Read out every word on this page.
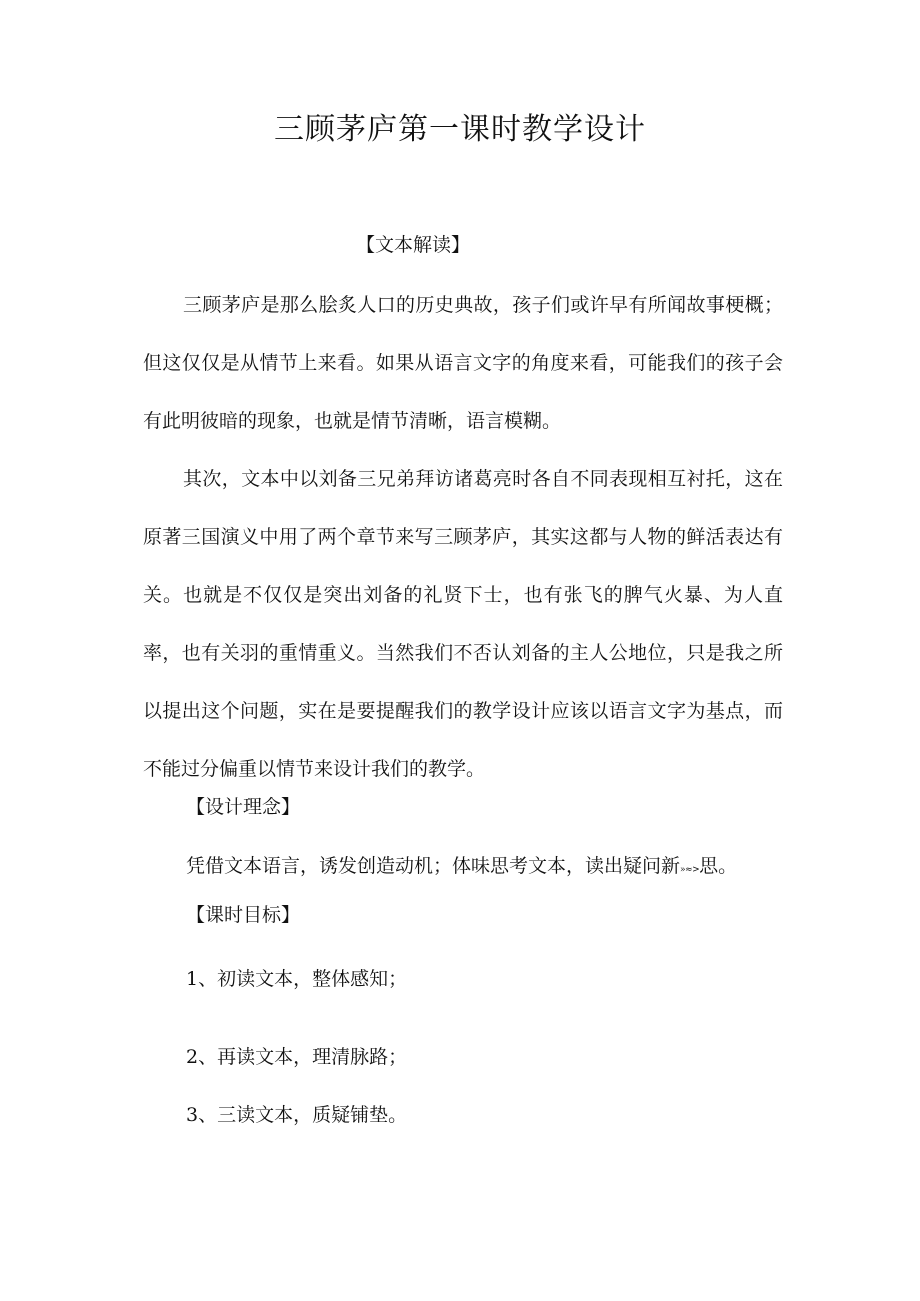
三顾茅庐第一课时教学设计
【文本解读】

三顾茅庐是那么脍炙人口的历史典故，孩子们或许早有所闻故事梗概；但这仅仅是从情节上来看。如果从语言文字的角度来看，可能我们的孩子会有此明彼暗的现象，也就是情节清晰，语言模糊。

其次，文本中以刘备三兄弟拜访诸葛亮时各自不同表现相互衬托，这在原著三国演义中用了两个章节来写三顾茅庐，其实这都与人物的鲜活表达有关。也就是不仅仅是突出刘备的礼贤下士，也有张飞的脾气火暴、为人直率，也有关羽的重情重义。当然我们不否认刘备的主人公地位，只是我之所以提出这个问题，实在是要提醒我们的教学设计应该以语言文字为基点，而不能过分偏重以情节来设计我们的教学。

【设计理念】
凭借文本语言，诱发创造动机；体味思考文本，读出疑问新»≈>思。
【课时目标】
1、初读文本，整体感知；
2、再读文本，理清脉路；
3、三读文本，质疑铺垫。
